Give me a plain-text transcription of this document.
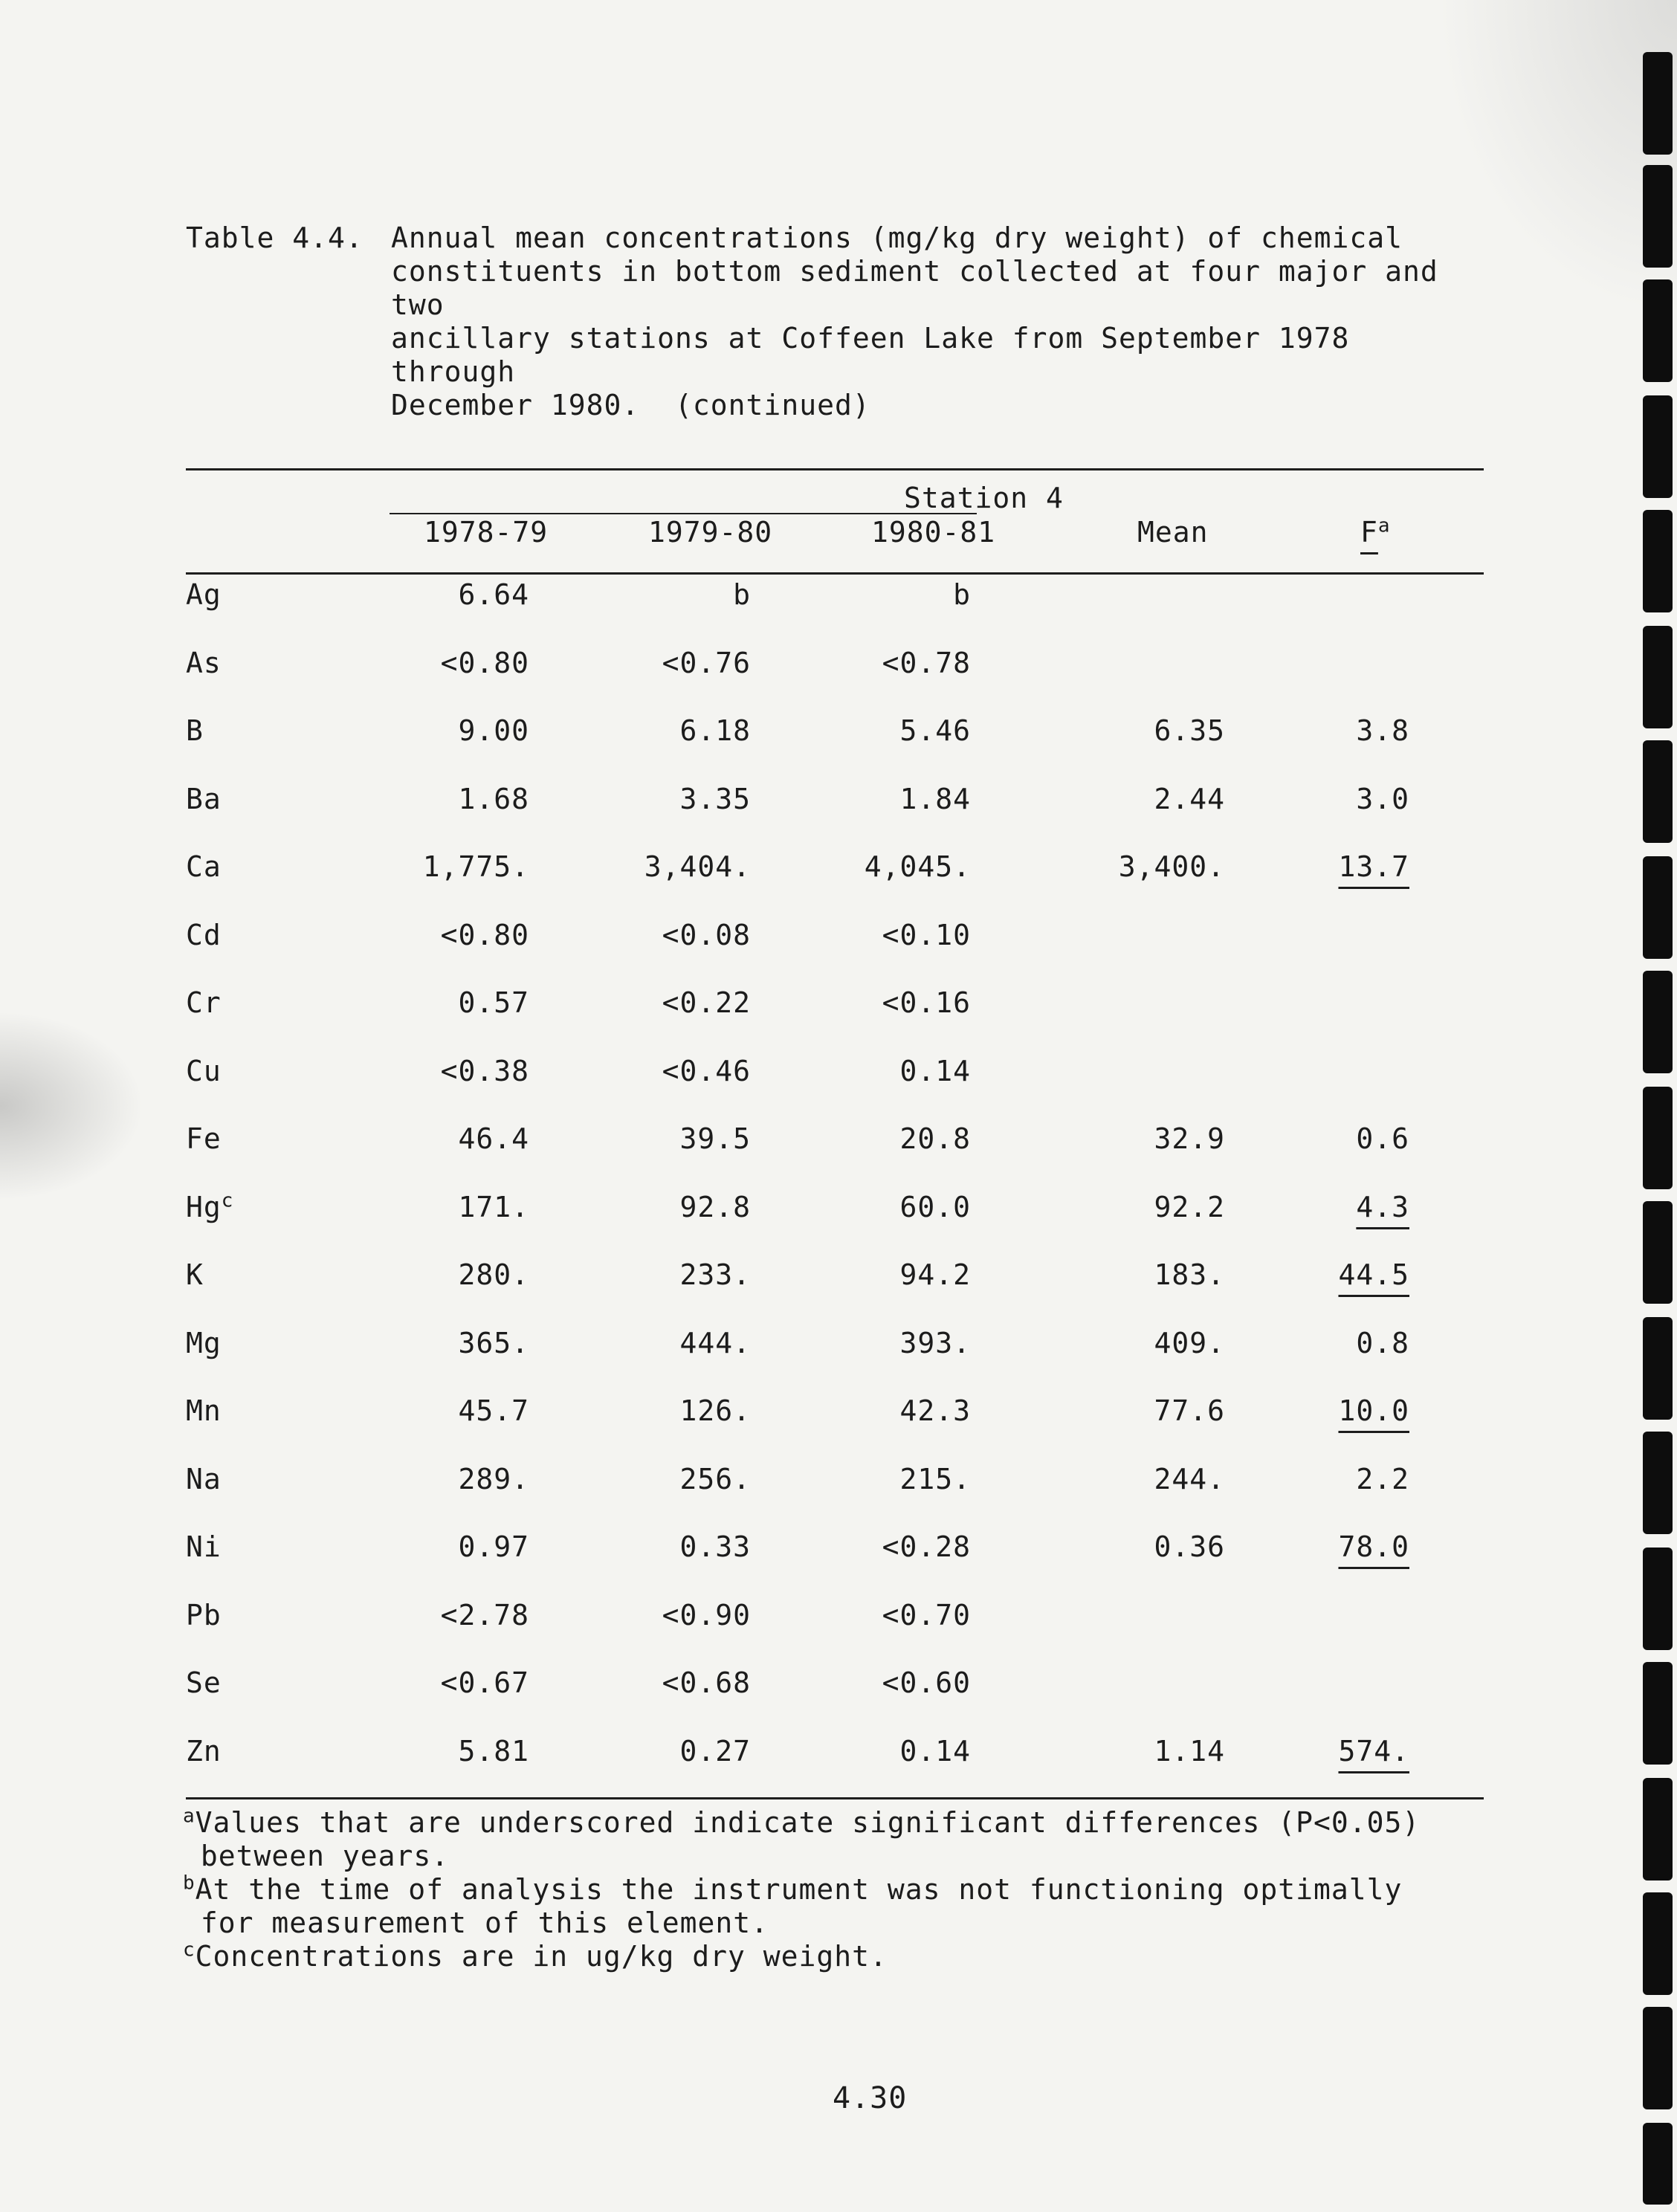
Table 4.4. Annual mean concentrations (mg/kg dry weight) of chemical
constituents in bottom sediment collected at four major and two
ancillary stations at Coffeen Lake from September 1978 through
December 1980.  (continued)
Station 4
1978-79	1979-80	1980-81	Mean	$F^a$
Ag	6.64	b	b
As	<0.80	<0.76	<0.78
B	9.00	6.18	5.46	6.35	3.8
Ba	1.68	3.35	1.84	2.44	3.0
Ca	1,775.	3,404.	4,045.	3,400.	13.7
Cd	<0.80	<0.08	<0.10
Cr	0.57	<0.22	<0.16
Cu	<0.38	<0.46	0.14
Fe	46.4	39.5	20.8	32.9	0.6
Hg$^c$	171.	92.8	60.0	92.2	4.3
K	280.	233.	94.2	183.	44.5
Mg	365.	444.	393.	409.	0.8
Mn	45.7	126.	42.3	77.6	10.0
Na	289.	256.	215.	244.	2.2
Ni	0.97	0.33	<0.28	0.36	78.0
Pb	<2.78	<0.90	<0.70
Se	<0.67	<0.68	<0.60
Zn	5.81	0.27	0.14	1.14	574.
$^a$Values that are underscored indicate significant differences (P<0.05)
between years.
$^b$At the time of analysis the instrument was not functioning optimally
for measurement of this element.
$^c$Concentrations are in ug/kg dry weight.
4.30
